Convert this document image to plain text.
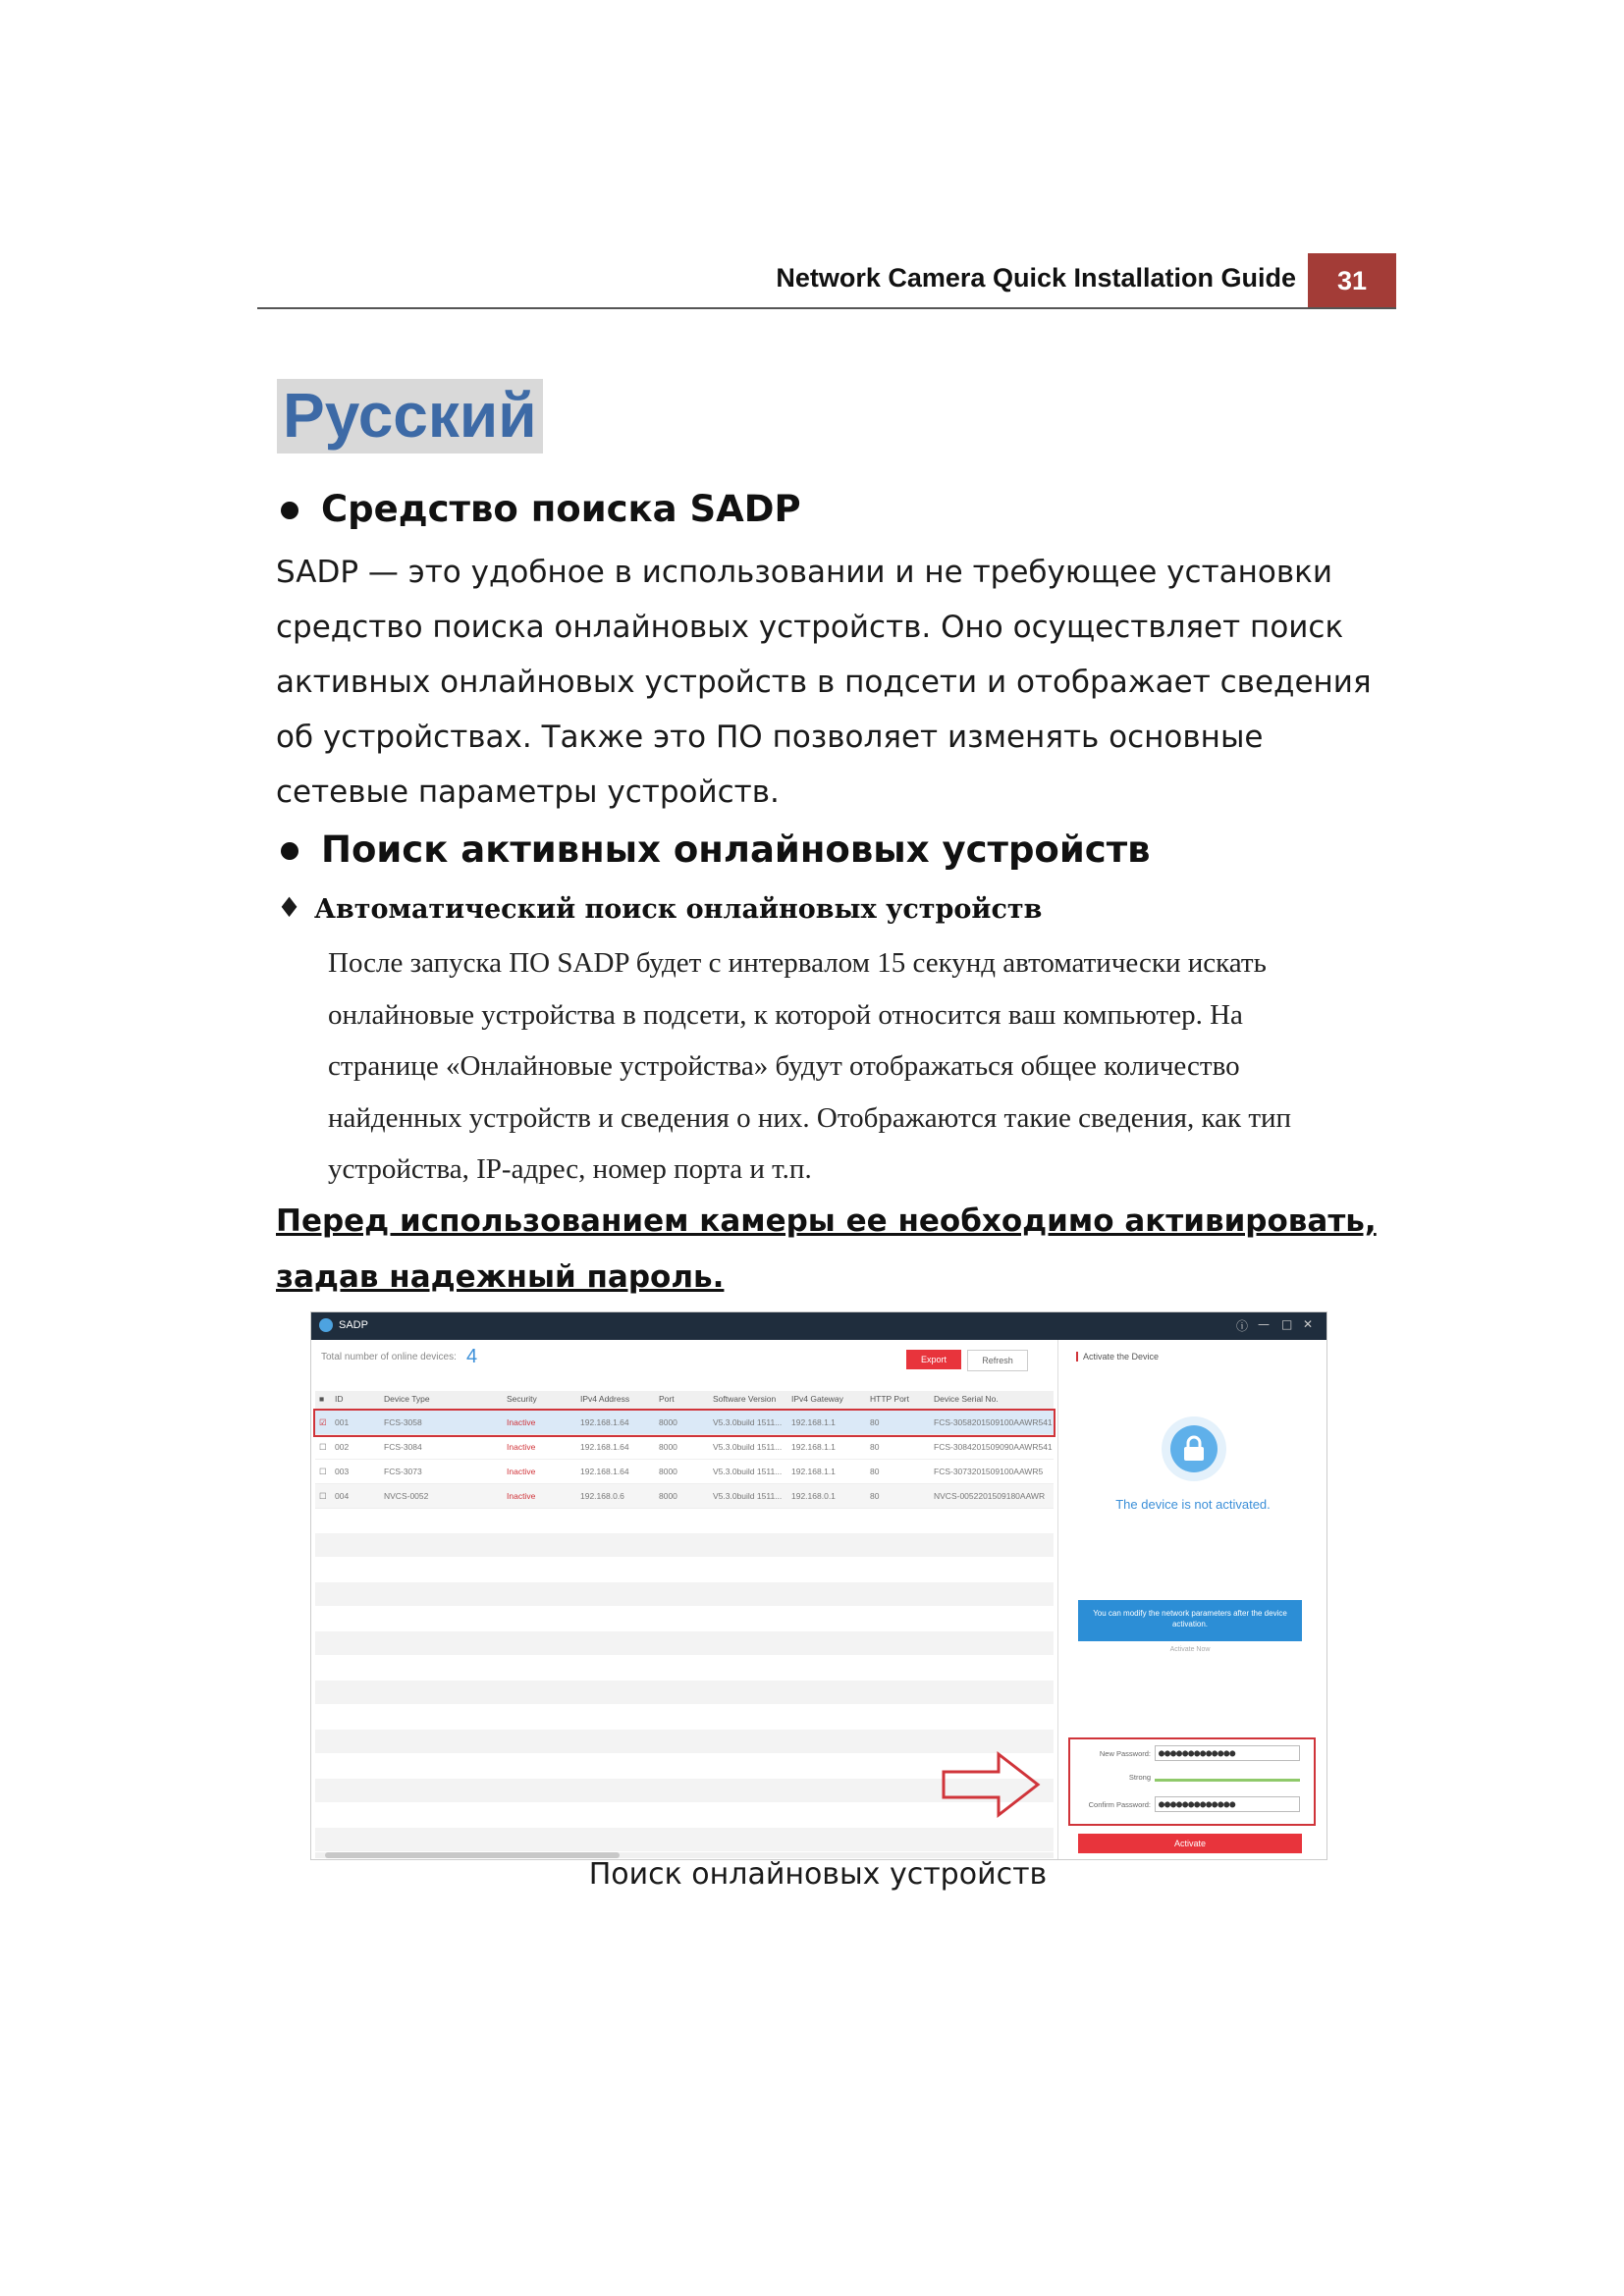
Network Camera Quick Installation Guide	31
Русский
Средство поиска SADP
SADP — это удобное в использовании и не требующее установки
средство поиска онлайновых устройств. Оно осуществляет поиск
активных онлайновых устройств в подсети и отображает сведения
об устройствах. Также это ПО позволяет изменять основные
сетевые параметры устройств.
Поиск активных онлайновых устройств
♦ Автоматический поиск онлайновых устройств
После запуска ПО SADP будет с интервалом 15 секунд автоматически искать
онлайновые устройства в подсети, к которой относится ваш компьютер. На
странице «Онлайновые устройства» будут отображаться общее количество
найденных устройств и сведения о них. Отображаются такие сведения, как тип
устройства, IP-адрес, номер порта и т.п.
Перед использованием камеры ее необходимо активировать,
задав надежный пароль.
SADP	ⓘ — □ ✕
Total number of online devices: 4	Export	Refresh
■ ID	Device Type	Security	IPv4 Address	Port	Software Version IPv4 Gateway	HTTP Port	Device Serial No.
☑ 001	FCS-3058	Inactive	192.168.1.64	8000	V5.3.0build 1511... 192.168.1.1	80	FCS-3058201509100AAWR541
☐ 002	FCS-3084	Inactive	192.168.1.64	8000	V5.3.0build 1511... 192.168.1.1	80	FCS-3084201509090AAWR541
☐ 003	FCS-3073	Inactive	192.168.1.64	8000	V5.3.0build 1511... 192.168.1.1	80	FCS-3073201509100AAWR5
☐ 004	NVCS-0052	Inactive	192.168.0.6	8000	V5.3.0build 1511... 192.168.0.1	80	NVCS-0052201509180AAWR
Activate the Device
The device is not activated.
You can modify the network parameters after the device activation.
Activate Now
New Password: ●●●●●●●●●●●●●
Strong
Confirm Password: ●●●●●●●●●●●●●
Activate
Поиск онлайновых устройств
